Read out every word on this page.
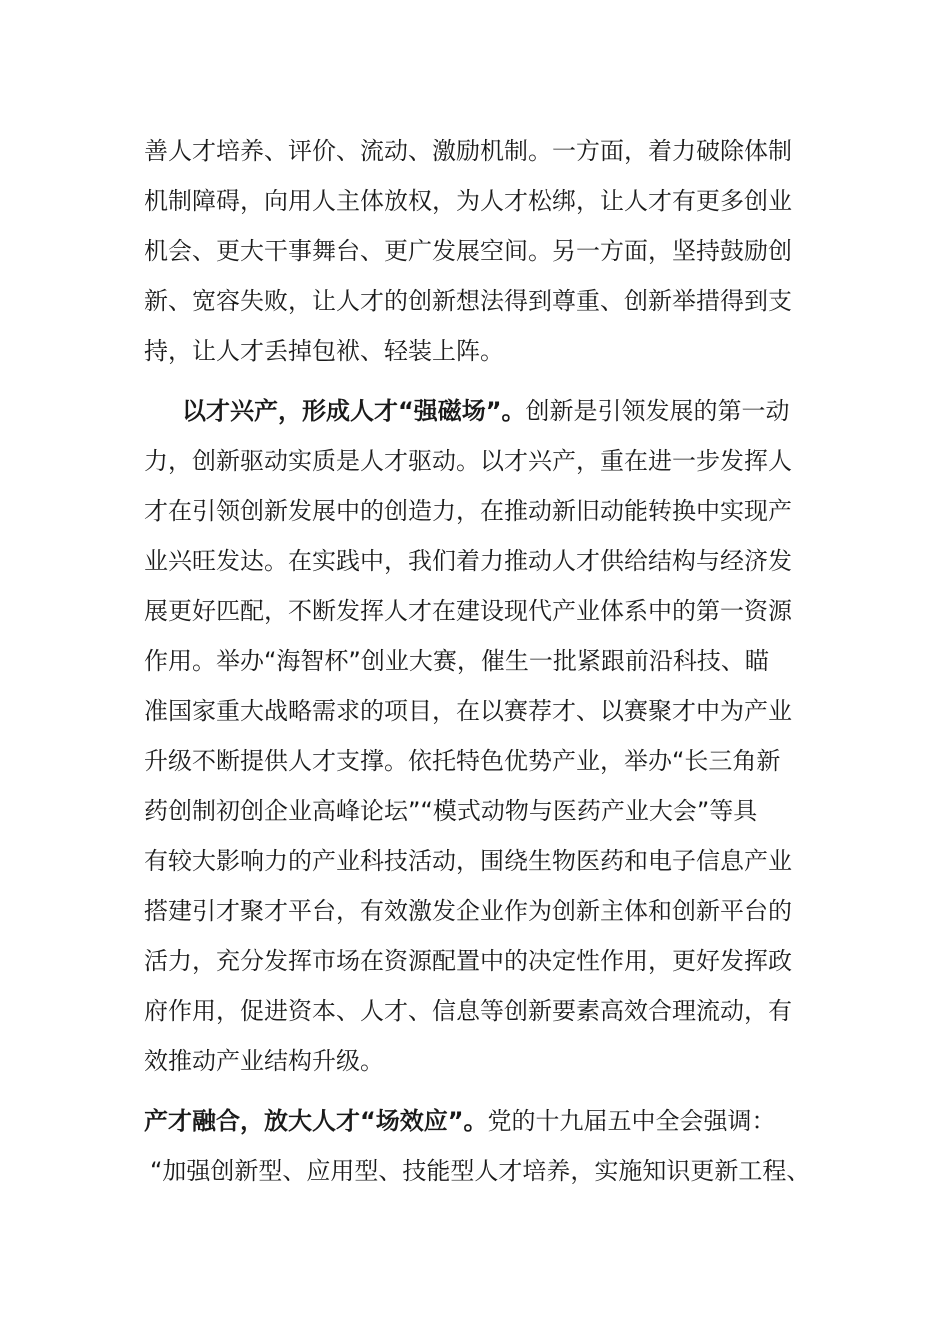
善人才培养、评价、流动、激励机制。一方面，着力破除体制
机制障碍，向用人主体放权，为人才松绑，让人才有更多创业
机会、更大干事舞台、更广发展空间。另一方面，坚持鼓励创
新、宽容失败，让人才的创新想法得到尊重、创新举措得到支
持，让人才丢掉包袱、轻装上阵。
以才兴产，形成人才“强磁场”。创新是引领发展的第一动
力，创新驱动实质是人才驱动。以才兴产，重在进一步发挥人
才在引领创新发展中的创造力，在推动新旧动能转换中实现产
业兴旺发达。在实践中，我们着力推动人才供给结构与经济发
展更好匹配，不断发挥人才在建设现代产业体系中的第一资源
作用。举办“海智杯”创业大赛，催生一批紧跟前沿科技、瞄
准国家重大战略需求的项目，在以赛荐才、以赛聚才中为产业
升级不断提供人才支撑。依托特色优势产业，举办“长三角新
药创制初创企业高峰论坛”“模式动物与医药产业大会”等具
有较大影响力的产业科技活动，围绕生物医药和电子信息产业
搭建引才聚才平台，有效激发企业作为创新主体和创新平台的
活力，充分发挥市场在资源配置中的决定性作用，更好发挥政
府作用，促进资本、人才、信息等创新要素高效合理流动，有
效推动产业结构升级。
产才融合，放大人才“场效应”。党的十九届五中全会强调：
“加强创新型、应用型、技能型人才培养，实施知识更新工程、
